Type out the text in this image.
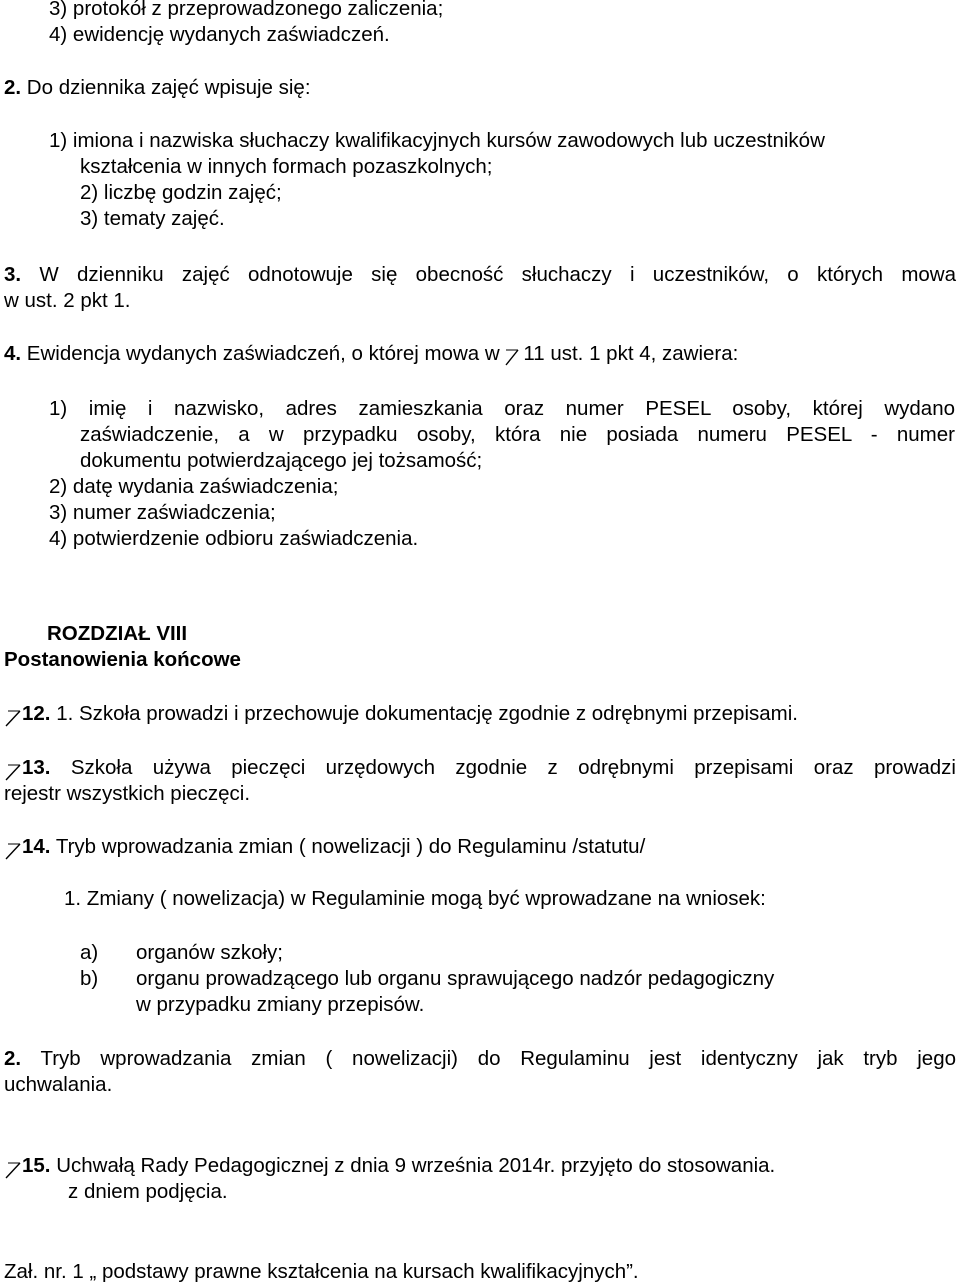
3) protokół z przeprowadzonego zaliczenia;
4) ewidencję wydanych zaświadczeń.
2. Do dziennika zajęć wpisuje się:
1) imiona i nazwiska słuchaczy kwalifikacyjnych kursów zawodowych lub uczestników
kształcenia w innych formach pozaszkolnych;
2) liczbę godzin zajęć;
3) tematy zajęć.
3. W dzienniku zajęć odnotowuje się obecność słuchaczy i uczestników, o których mowa
w ust. 2 pkt 1.
4. Ewidencja wydanych zaświadczeń, o której mowa w
11 ust. 1 pkt 4, zawiera:
1) imię i nazwisko, adres zamieszkania oraz numer PESEL osoby, której wydano
zaświadczenie, a w przypadku osoby, która nie posiada numeru PESEL - numer
dokumentu potwierdzającego jej tożsamość;
2) datę wydania zaświadczenia;
3) numer zaświadczenia;
4) potwierdzenie odbioru zaświadczenia.
ROZDZIAŁ VIII
Postanowienia końcowe
12. 1. Szkoła prowadzi i przechowuje dokumentację zgodnie z odrębnymi przepisami.
13. Szkoła używa pieczęci urzędowych zgodnie z odrębnymi przepisami oraz prowadzi
rejestr wszystkich pieczęci.
14. Tryb wprowadzania zmian ( nowelizacji ) do Regulaminu /statutu/
1. Zmiany ( nowelizacja) w Regulaminie mogą być wprowadzane na wniosek:
a) organów szkoły;
b) organu prowadzącego lub organu sprawującego nadzór pedagogiczny
w przypadku zmiany przepisów.
2. Tryb wprowadzania zmian ( nowelizacji) do Regulaminu jest identyczny jak tryb jego
uchwalania.
15. Uchwałą Rady Pedagogicznej z dnia 9 września 2014r. przyjęto do stosowania.
z dniem podjęcia.
Zał. nr. 1 „ podstawy prawne kształcenia na kursach kwalifikacyjnych”.
